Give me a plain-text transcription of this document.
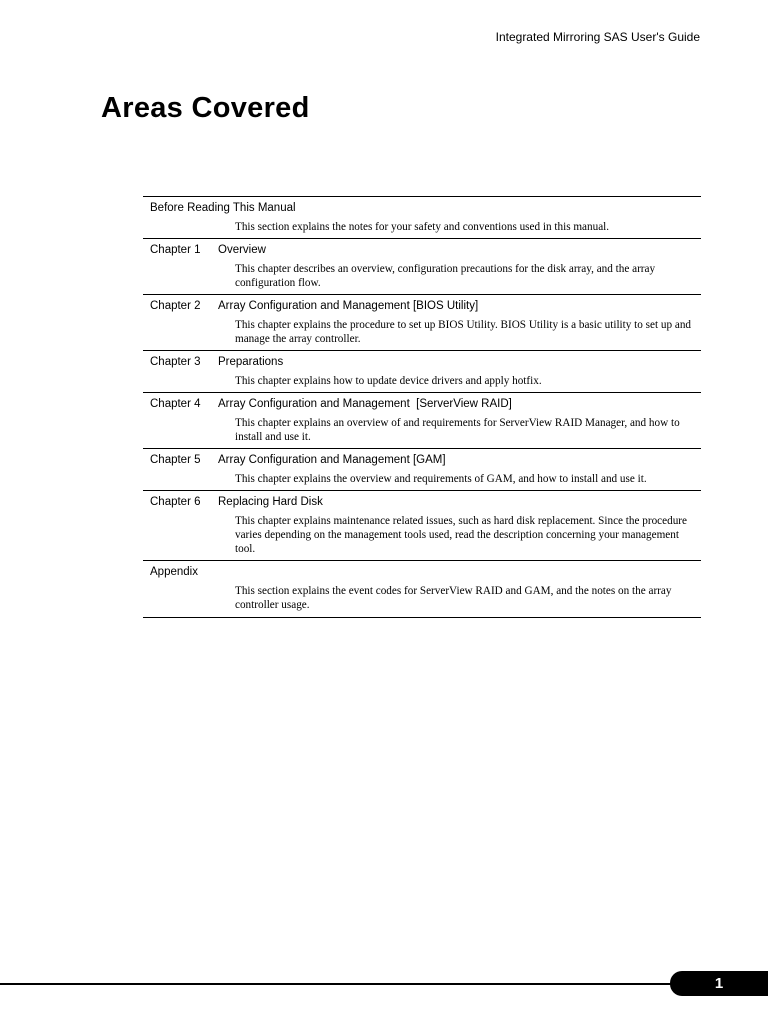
Integrated Mirroring SAS User's Guide
Areas Covered
Before Reading This Manual
This section explains the notes for your safety and conventions used in this manual.
Chapter 1	Overview
This chapter describes an overview, configuration precautions for the disk array, and the array configuration flow.
Chapter 2	Array Configuration and Management [BIOS Utility]
This chapter explains the procedure to set up BIOS Utility. BIOS Utility is a basic utility to set up and manage the array controller.
Chapter 3	Preparations
This chapter explains how to update device drivers and apply hotfix.
Chapter 4	Array Configuration and Management  [ServerView RAID]
This chapter explains an overview of and requirements for ServerView RAID Manager, and how to install and use it.
Chapter 5	Array Configuration and Management [GAM]
This chapter explains the overview and requirements of GAM, and how to install and use it.
Chapter 6	Replacing Hard Disk
This chapter explains maintenance related issues, such as hard disk replacement. Since the procedure varies depending on the management tools used, read the description concerning your management tool.
Appendix
This section explains the event codes for ServerView RAID and GAM, and the notes on the array controller usage.
1
